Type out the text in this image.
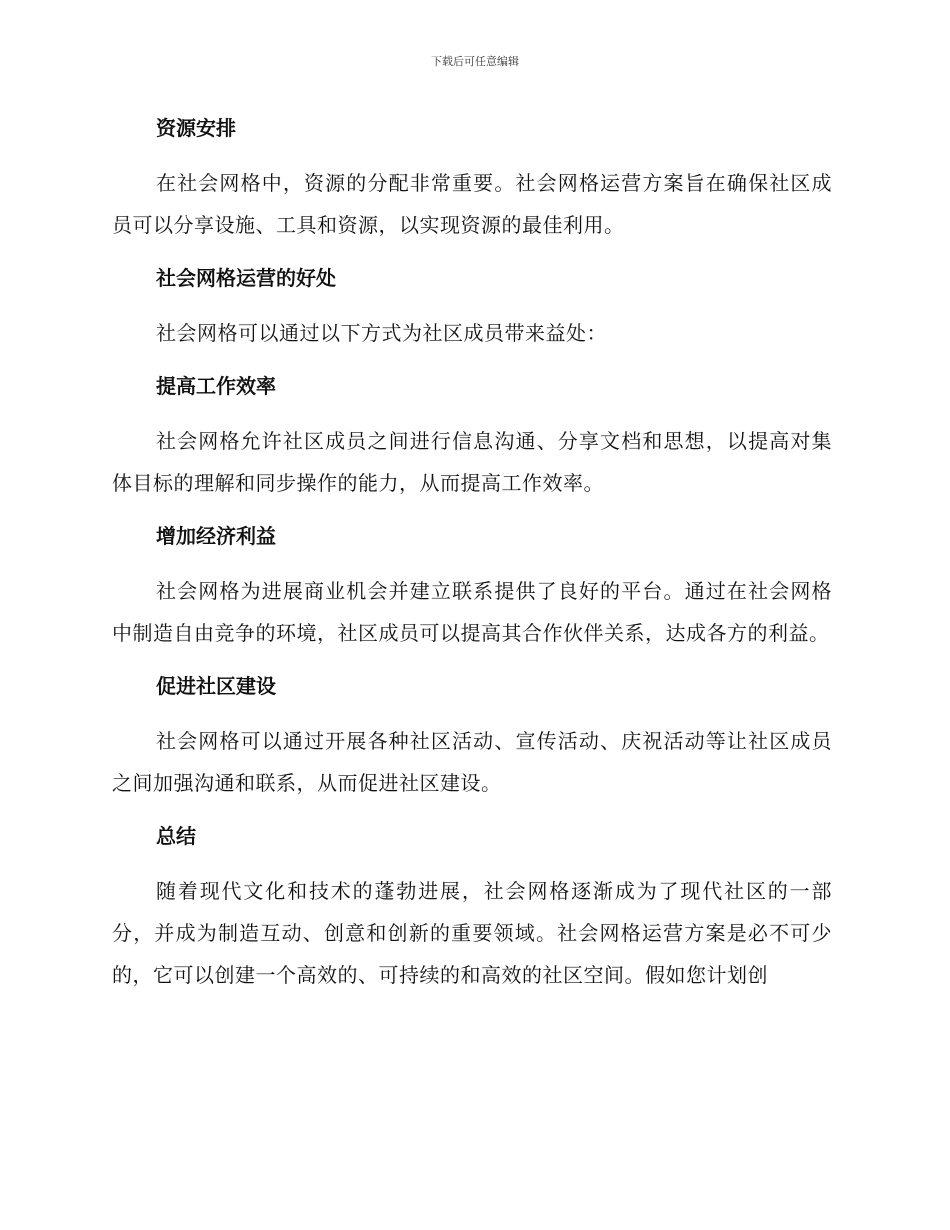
下载后可任意编辑
资源安排

在社会网格中，资源的分配非常重要。社会网格运营方案旨在确保社区成员可以分享设施、工具和资源，以实现资源的最佳利用。

社会网格运营的好处

社会网格可以通过以下方式为社区成员带来益处：

提高工作效率

社会网格允许社区成员之间进行信息沟通、分享文档和思想，以提高对集体目标的理解和同步操作的能力，从而提高工作效率。

增加经济利益

社会网格为进展商业机会并建立联系提供了良好的平台。通过在社会网格中制造自由竞争的环境，社区成员可以提高其合作伙伴关系，达成各方的利益。

促进社区建设

社会网格可以通过开展各种社区活动、宣传活动、庆祝活动等让社区成员之间加强沟通和联系，从而促进社区建设。

总结

随着现代文化和技术的蓬勃进展，社会网格逐渐成为了现代社区的一部分，并成为制造互动、创意和创新的重要领域。社会网格运营方案是必不可少的，它可以创建一个高效的、可持续的和高效的社区空间。假如您计划创
